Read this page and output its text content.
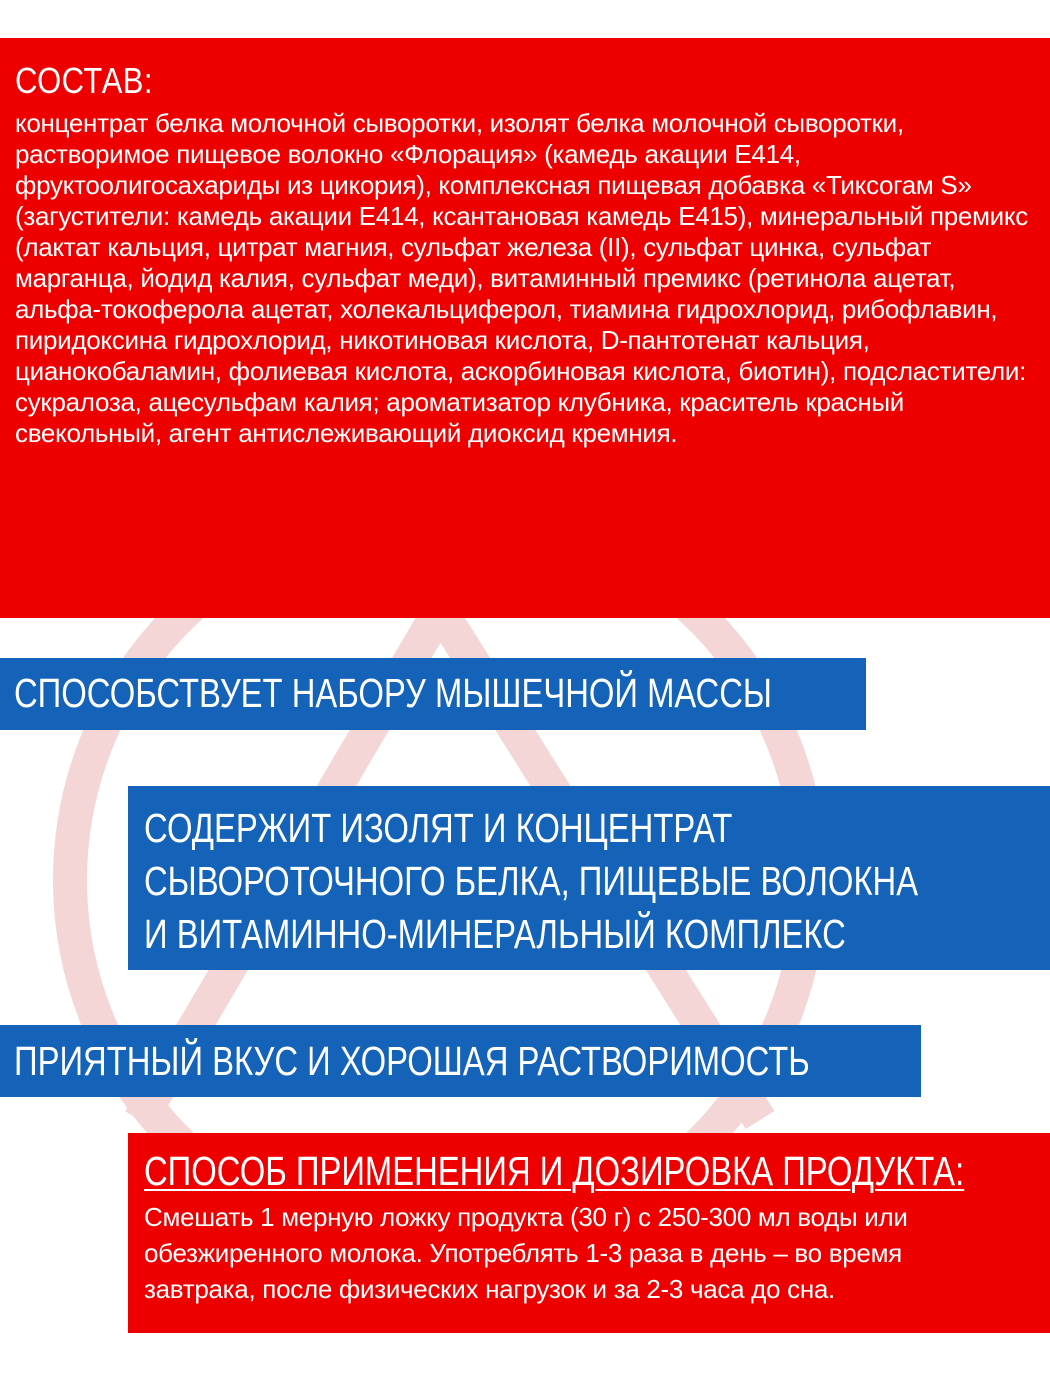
СОСТАВ:
концентрат белка молочной сыворотки, изолят белка молочной сыворотки, растворимое пищевое волокно «Флорация» (камедь акации Е414, фруктоолигосахариды из цикория), комплексная пищевая добавка «Тиксогам S» (загустители: камедь акации Е414, ксантановая камедь Е415), минеральный премикс (лактат кальция, цитрат магния, сульфат железа (II), сульфат цинка, сульфат марганца, йодид калия, сульфат меди), витаминный премикс (ретинола ацетат, альфа-токоферола ацетат, холекальциферол, тиамина гидрохлорид, рибофлавин, пиридоксина гидрохлорид, никотиновая кислота, D-пантотенат кальция, цианокобаламин, фолиевая кислота, аскорбиновая кислота, биотин), подсластители: сукралоза, ацесульфам калия; ароматизатор клубника, краситель красный свекольный, агент антислеживающий диоксид кремния.
СПОСОБСТВУЕТ НАБОРУ МЫШЕЧНОЙ МАССЫ
СОДЕРЖИТ ИЗОЛЯТ И КОНЦЕНТРАТ
СЫВОРОТОЧНОГО БЕЛКА, ПИЩЕВЫЕ ВОЛОКНА
И ВИТАМИННО-МИНЕРАЛЬНЫЙ КОМПЛЕКС
ПРИЯТНЫЙ ВКУС И ХОРОШАЯ РАСТВОРИМОСТЬ
СПОСОБ ПРИМЕНЕНИЯ И ДОЗИРОВКА ПРОДУКТА:
Смешать 1 мерную ложку продукта (30 г) с 250-300 мл воды или обезжиренного молока. Употреблять 1-3 раза в день – во время завтрака, после физических нагрузок и за 2-3 часа до сна.
